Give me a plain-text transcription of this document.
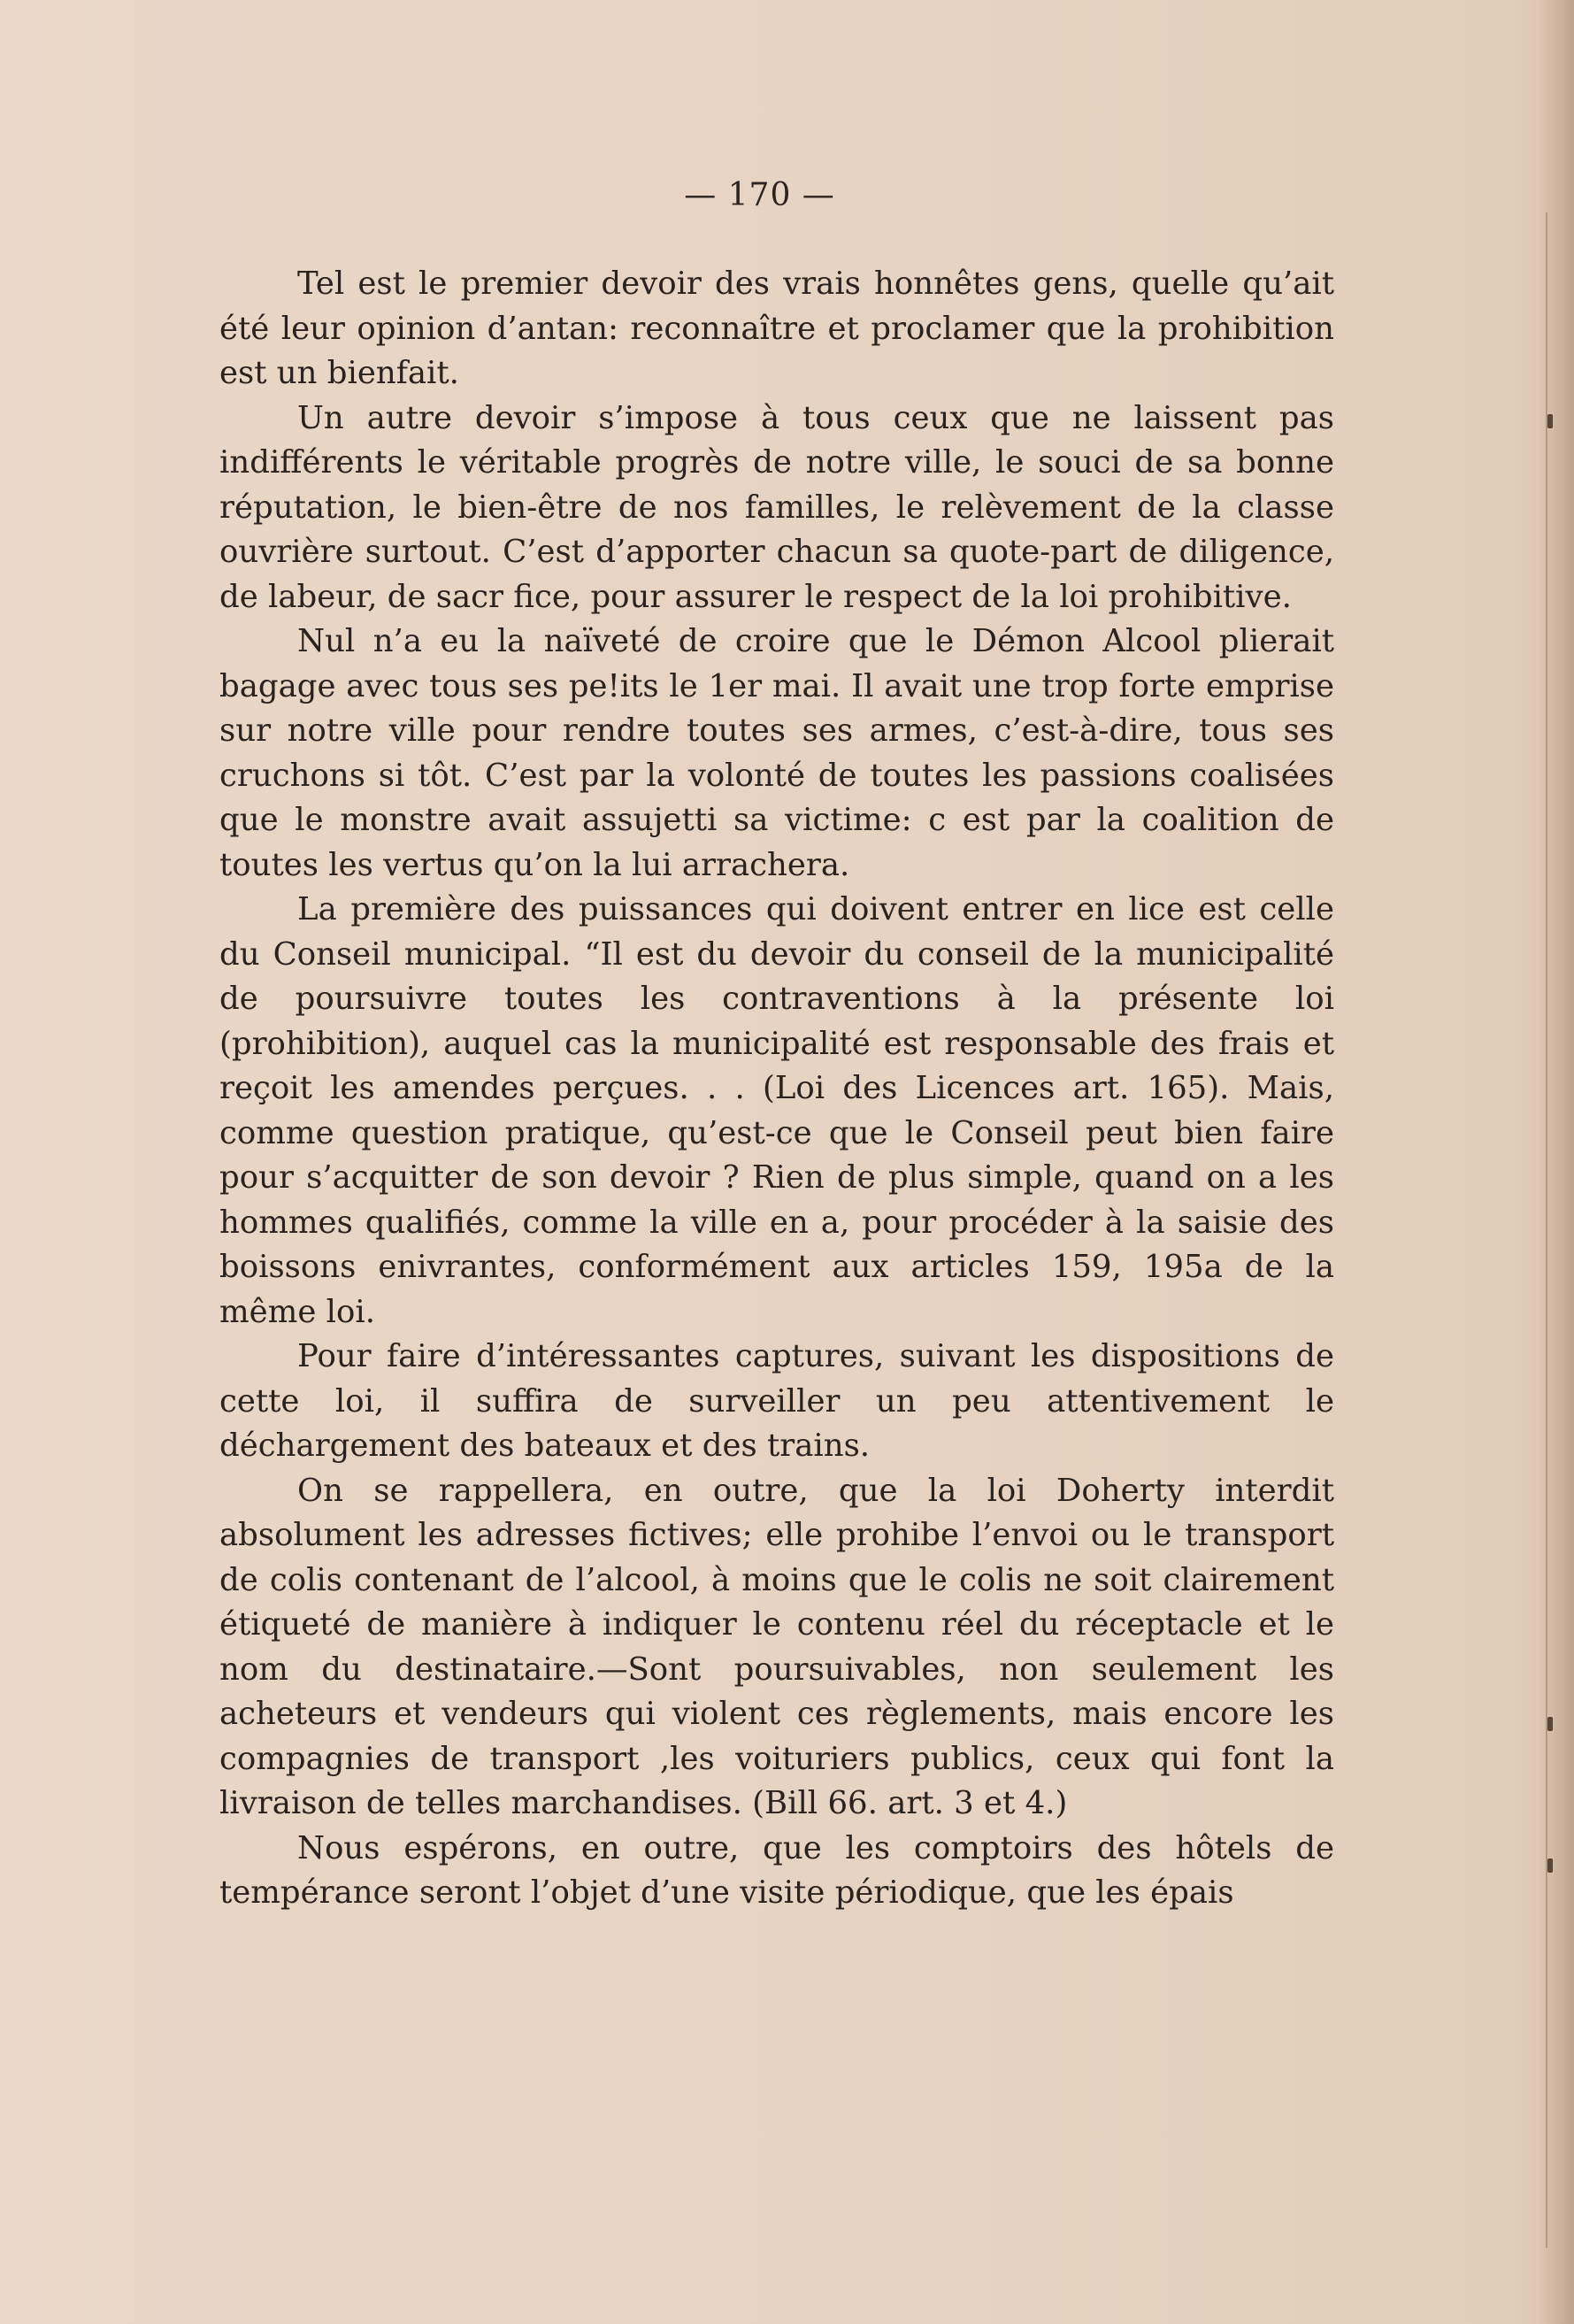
— 170 —

Tel est le premier devoir des vrais honnêtes gens, quelle qu’ait été leur opinion d’antan: reconnaître et proclamer que la prohibition est un bienfait.

Un autre devoir s’impose à tous ceux que ne laissent pas indifférents le véritable progrès de notre ville, le souci de sa bonne réputation, le bien-être de nos familles, le relèvement de la classe ouvrière surtout. C’est d’apporter chacun sa quote-part de diligence, de labeur, de sacr fice, pour assurer le respect de la loi prohibitive.

Nul n’a eu la naïveté de croire que le Démon Alcool plierait bagage avec tous ses pe!its le 1er mai. Il avait une trop forte emprise sur notre ville pour rendre toutes ses armes, c’est-à-dire, tous ses cruchons si tôt. C’est par la volonté de toutes les passions coalisées que le monstre avait assujetti sa victime: c est par la coalition de toutes les vertus qu’on la lui arrachera.

La première des puissances qui doivent entrer en lice est celle du Conseil municipal. “Il est du devoir du conseil de la municipalité de poursuivre toutes les contraventions à la présente loi (prohibition), auquel cas la municipalité est responsable des frais et reçoit les amendes perçues. . . (Loi des Licences art. 165). Mais, comme question pratique, qu’est-ce que le Conseil peut bien faire pour s’acquitter de son devoir ? Rien de plus simple, quand on a les hommes qualifiés, comme la ville en a, pour procéder à la saisie des boissons enivrantes, conformément aux articles 159, 195a de la même loi.

Pour faire d’intéressantes captures, suivant les dispositions de cette loi, il suffira de surveiller un peu attentivement le déchargement des bateaux et des trains.

On se rappellera, en outre, que la loi Doherty interdit absolument les adresses fictives; elle prohibe l’envoi ou le transport de colis contenant de l’alcool, à moins que le colis ne soit clairement étiqueté de manière à indiquer le contenu réel du réceptacle et le nom du destinataire.—Sont poursuivables, non seulement les acheteurs et vendeurs qui violent ces règlements, mais encore les compagnies de transport ,les voituriers publics, ceux qui font la livraison de telles marchandises. (Bill 66. art. 3 et 4.)

Nous espérons, en outre, que les comptoirs des hôtels de tempérance seront l’objet d’une visite périodique, que les épais
